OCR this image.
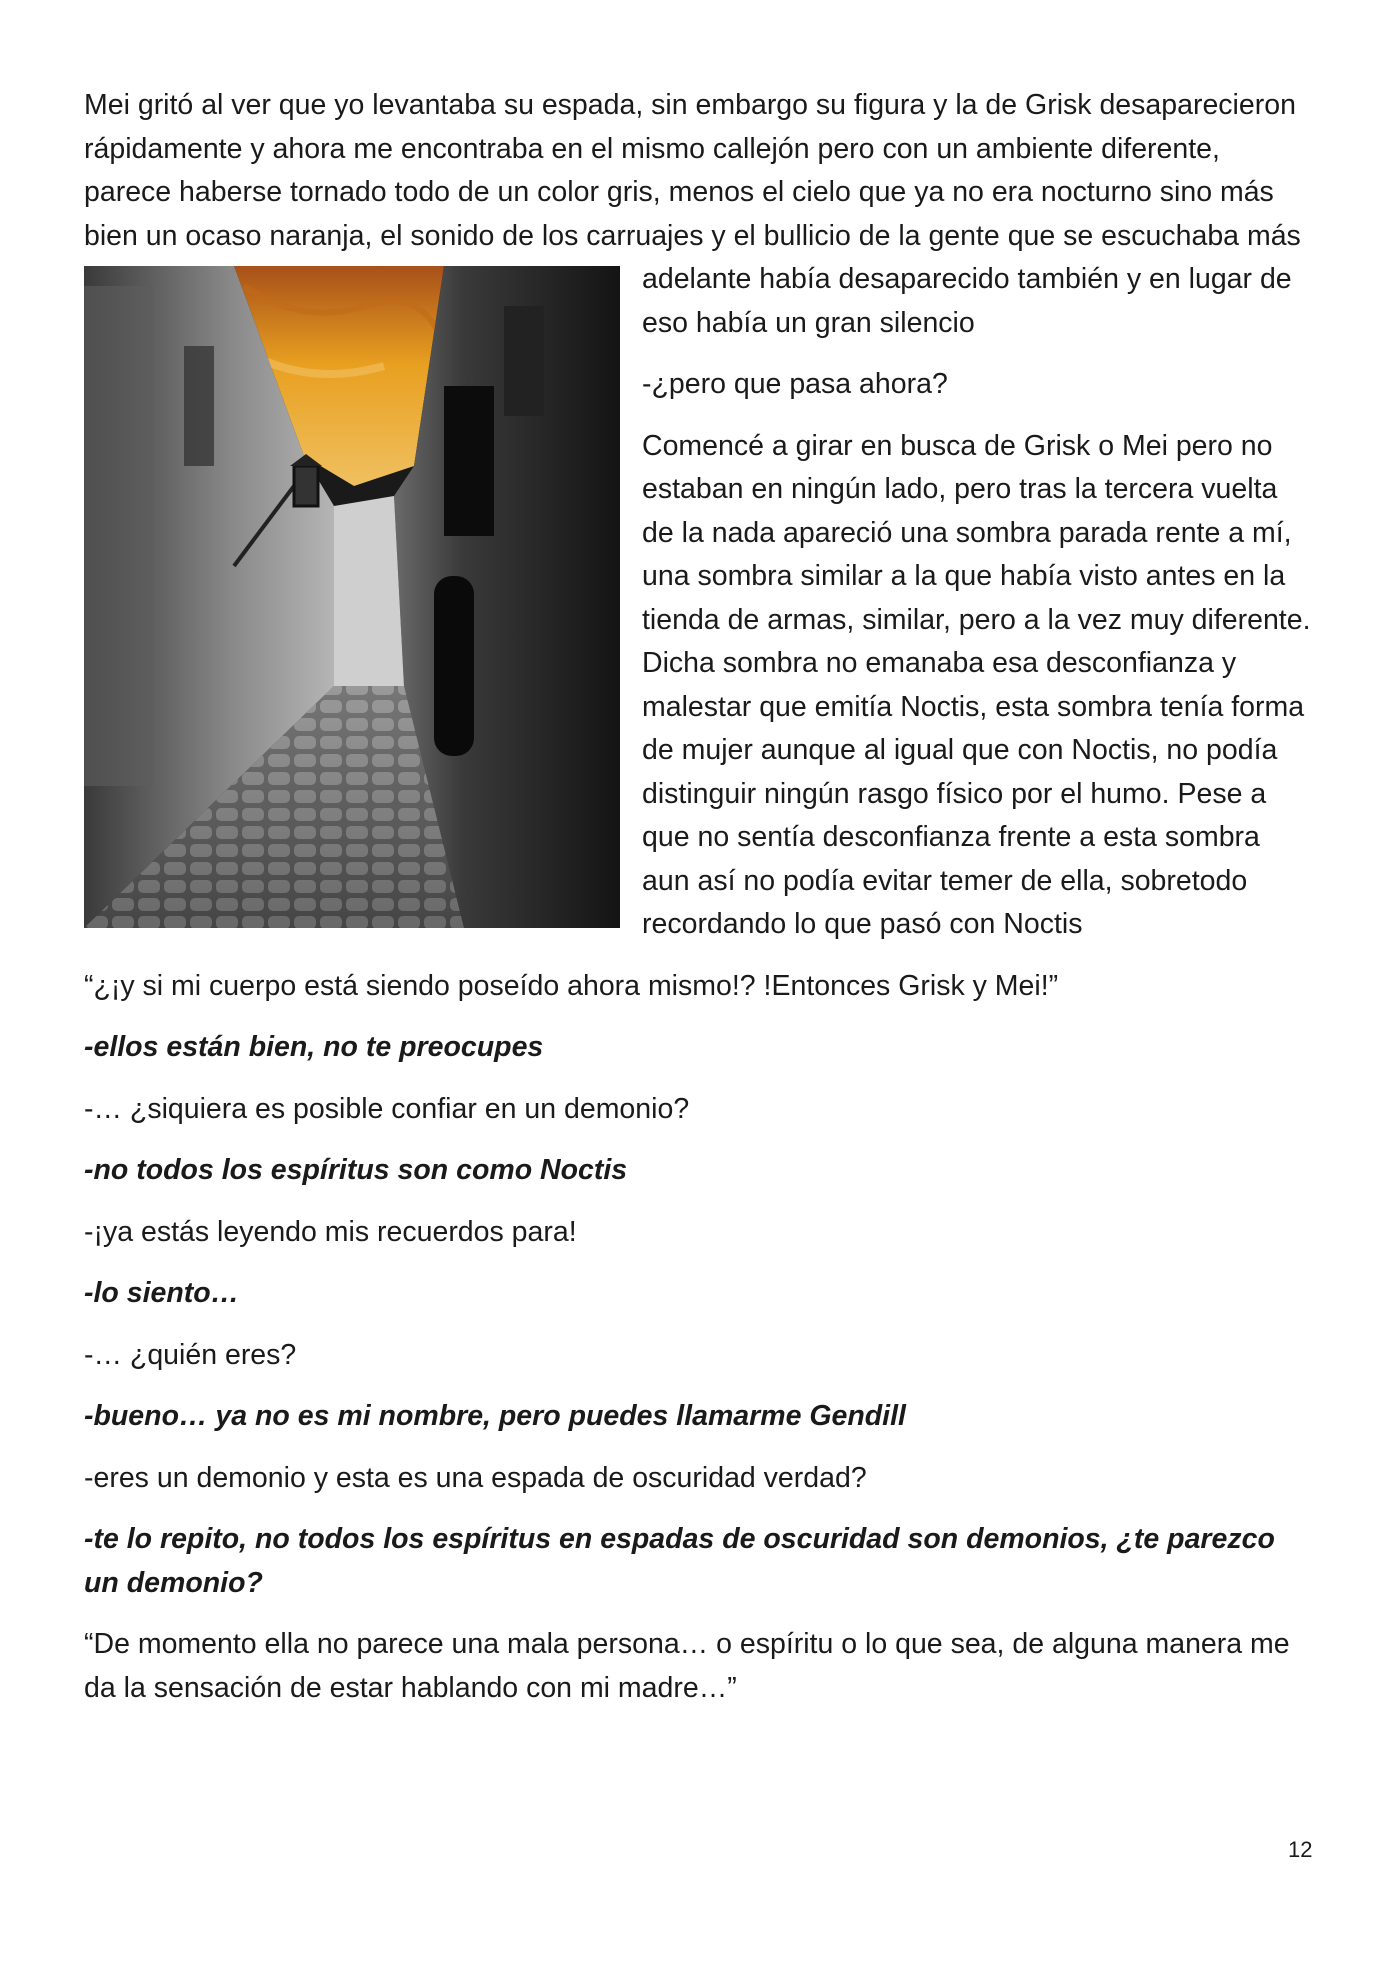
Mei gritó al ver que yo levantaba su espada, sin embargo su figura y la de Grisk desaparecieron rápidamente y ahora me encontraba en el mismo callejón pero con un ambiente diferente, parece haberse tornado todo de un color gris, menos el cielo que ya no era nocturno sino más bien un ocaso naranja, el sonido de los carruajes y el bullicio de la
gente que se escuchaba más adelante había desaparecido también y en lugar de eso había un gran silencio

-¿pero que pasa ahora?

Comencé a girar en busca de Grisk o Mei pero no estaban en ningún lado, pero tras la tercera vuelta de la nada apareció una sombra parada rente a mí, una sombra similar a la que había visto antes en la tienda de armas, similar, pero a la vez muy diferente. Dicha sombra no emanaba esa desconfianza y malestar que emitía Noctis, esta sombra tenía forma de mujer aunque al igual que con Noctis, no podía distinguir ningún rasgo físico por el humo. Pese a que no sentía desconfianza frente a esta sombra aun así no podía evitar temer de ella, sobretodo recordando lo que pasó con Noctis

“¿¡y si mi cuerpo está siendo poseído ahora mismo!? !Entonces Grisk y Mei!”

-ellos están bien, no te preocupes

-… ¿siquiera es posible confiar en un demonio?

-no todos los espíritus son como Noctis

-¡ya estás leyendo mis recuerdos para!

-lo siento…

-… ¿quién eres?

-bueno… ya no es mi nombre, pero puedes llamarme Gendill

-eres un demonio y esta es una espada de oscuridad verdad?

-te lo repito, no todos los espíritus en espadas de oscuridad son demonios, ¿te parezco un demonio?

“De momento ella no parece una mala persona… o espíritu o lo que sea, de alguna manera me da la sensación de estar hablando con mi madre…”

12
